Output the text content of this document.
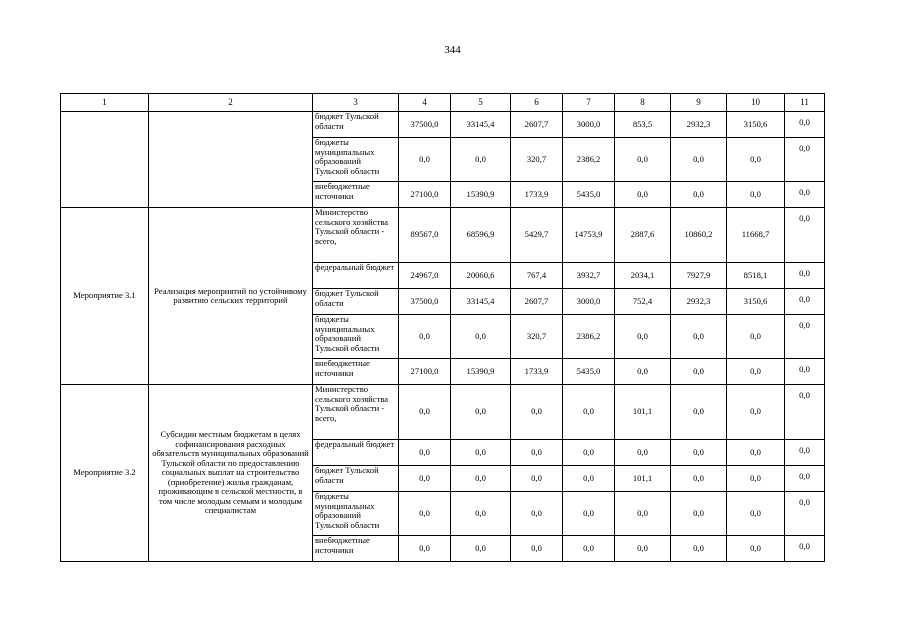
344
1	2	3	4	5	6	7	8	9	10	11
		бюджет Тульской области	37500,0	33145,4	2607,7	3000,0	853,5	2932,3	3150,6	0,0
		бюджеты муниципальных образований Тульской области	0,0	0,0	320,7	2386,2	0,0	0,0	0,0	0,0
		внебюджетные источники	27100,0	15390,9	1733,9	5435,0	0,0	0,0	0,0	0,0
Мероприятие 3.1	Реализация мероприятий по устойчивому развитию сельских территорий	Министерство сельского хозяйства Тульской области - всего,	89567,0	68596,9	5429,7	14753,9	2887,6	10860,2	11668,7	0,0
		федеральный бюджет	24967,0	20060,6	767,4	3932,7	2034,1	7927,9	8518,1	0,0
		бюджет Тульской области	37500,0	33145,4	2607,7	3000,0	752,4	2932,3	3150,6	0,0
		бюджеты муниципальных образований Тульской области	0,0	0,0	320,7	2386,2	0,0	0,0	0,0	0,0
		внебюджетные источники	27100,0	15390,9	1733,9	5435,0	0,0	0,0	0,0	0,0
Мероприятие 3.2	Субсидии местным бюджетам в целях софинансирования расходных обязательств муниципальных образований Тульской области по предоставлению социальных выплат на строительство (приобретение) жилья гражданам, проживающим в сельской местности, в том числе молодым семьям и молодым специалистам	Министерство сельского хозяйства Тульской области - всего,	0,0	0,0	0,0	0,0	101,1	0,0	0,0	0,0
		федеральный бюджет	0,0	0,0	0,0	0,0	0,0	0,0	0,0	0,0
		бюджет Тульской области	0,0	0,0	0,0	0,0	101,1	0,0	0,0	0,0
		бюджеты муниципальных образований Тульской области	0,0	0,0	0,0	0,0	0,0	0,0	0,0	0,0
		внебюджетные источники	0,0	0,0	0,0	0,0	0,0	0,0	0,0	0,0
